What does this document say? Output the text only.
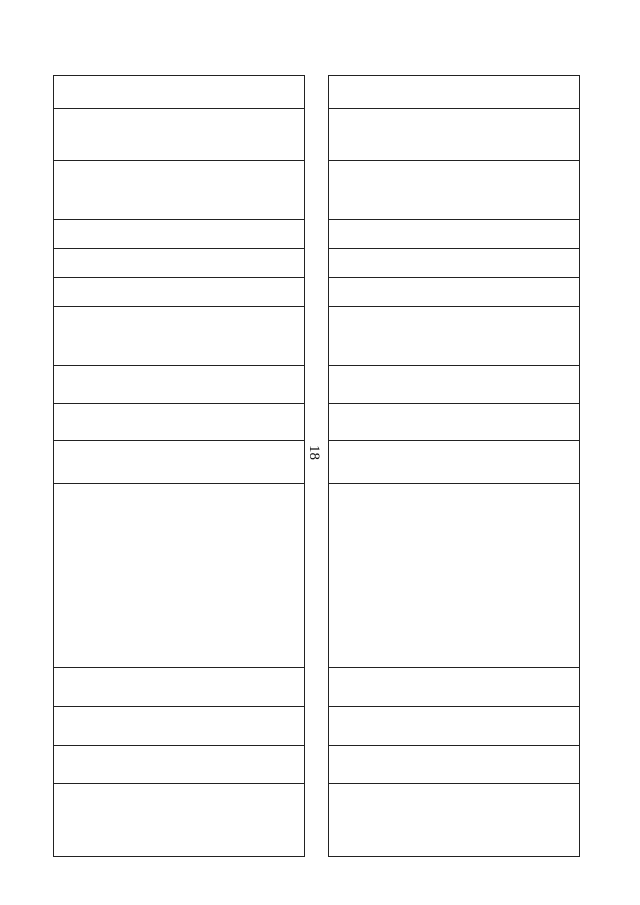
18
